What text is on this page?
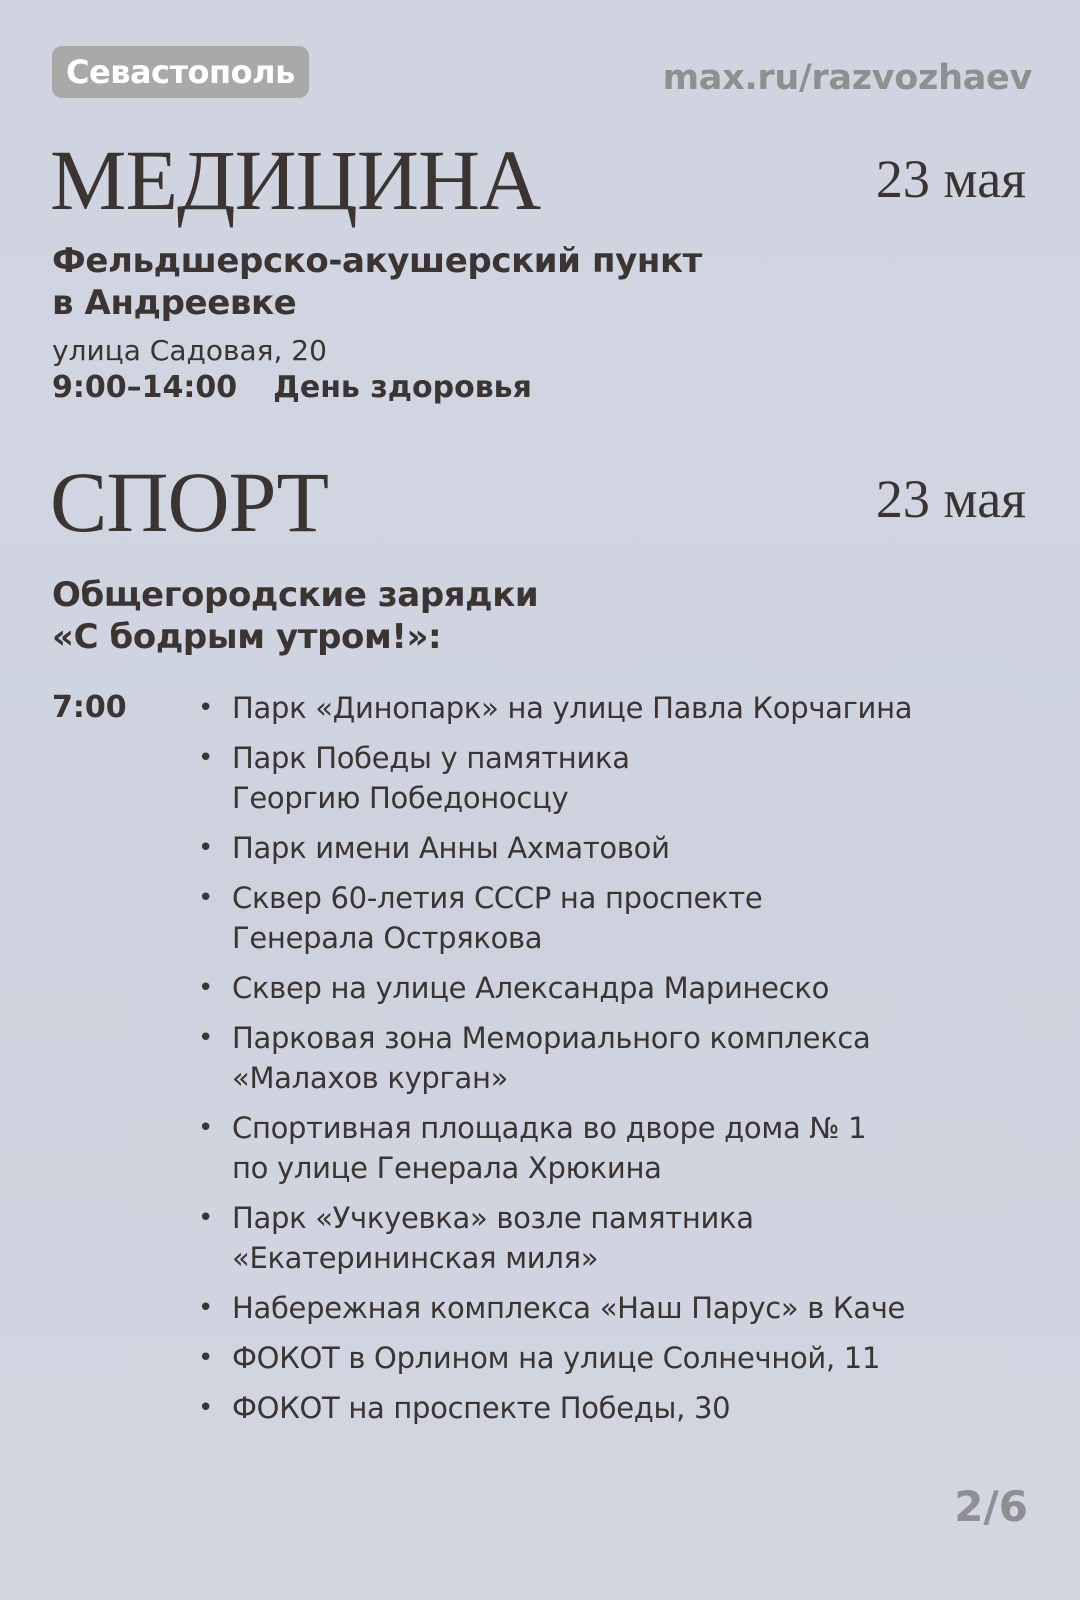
Севастополь	max.ru/razvozhaev
МЕДИЦИНА	23 мая
Фельдшерско-акушерский пункт
в Андреевке
улица Садовая, 20
9:00–14:00 День здоровья
СПОРТ	23 мая
Общегородские зарядки
«С бодрым утром!»:
7:00	• Парк «Динопарк» на улице Павла Корчагина
• Парк Победы у памятника
Георгию Победоносцу
• Парк имени Анны Ахматовой
• Сквер 60-летия СССР на проспекте
Генерала Острякова
• Сквер на улице Александра Маринеско
• Парковая зона Мемориального комплекса
«Малахов курган»
• Спортивная площадка во дворе дома № 1
по улице Генерала Хрюкина
• Парк «Учкуевка» возле памятника
«Екатерининская миля»
• Набережная комплекса «Наш Парус» в Каче
• ФОКОТ в Орлином на улице Солнечной, 11
• ФОКОТ на проспекте Победы, 30
2/6
